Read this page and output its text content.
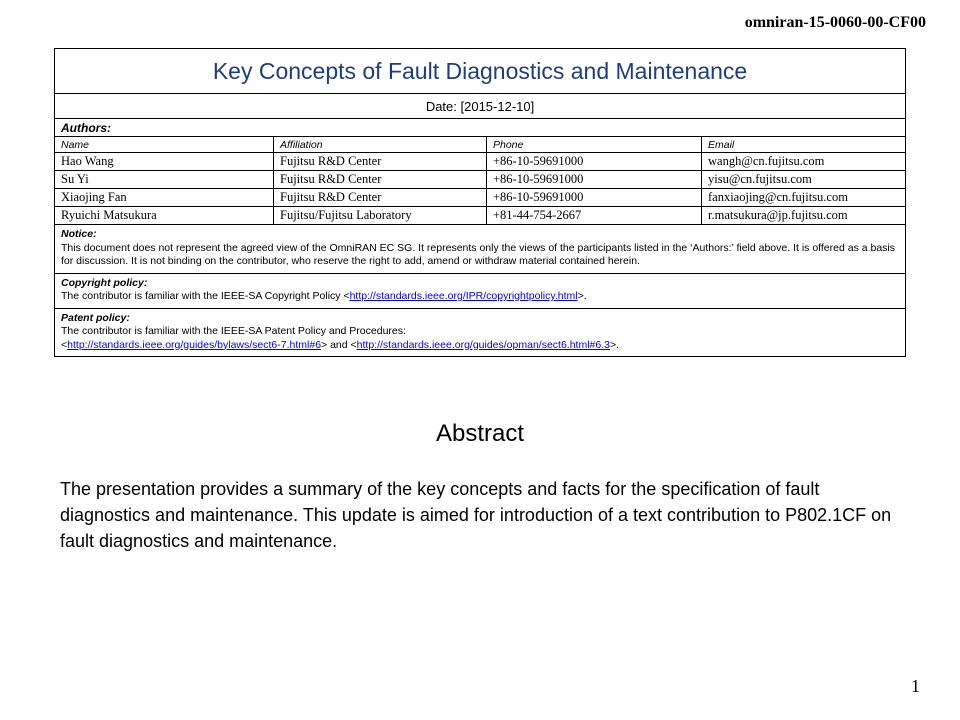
omniran-15-0060-00-CF00
Key Concepts of Fault Diagnostics and Maintenance			
Date: [2015-12-10]			
Authors:			
Name	Affiliation	Phone	Email
Hao Wang	Fujitsu R&D Center	+86-10-59691000	wangh@cn.fujitsu.com
Su Yi	Fujitsu R&D Center	+86-10-59691000	yisu@cn.fujitsu.com
Xiaojing Fan	Fujitsu R&D Center	+86-10-59691000	fanxiaojing@cn.fujitsu.com
Ryuichi Matsukura	Fujitsu/Fujitsu Laboratory	+81-44-754-2667	r.matsukura@jp.fujitsu.com

Notice:
This document does not represent the agreed view of the OmniRAN EC SG. It represents only the views of the participants listed in the ‘Authors:’ field above. It is offered as a basis for discussion. It is not binding on the contributor, who reserve the right to add, amend or withdraw material contained herein.			

Copyright policy:
The contributor is familiar with the IEEE-SA Copyright Policy <http://standards.ieee.org/IPR/copyrightpolicy.html>.			

Patent policy:
The contributor is familiar with the IEEE-SA Patent Policy and Procedures:
<http://standards.ieee.org/guides/bylaws/sect6-7.html#6> and <http://standards.ieee.org/guides/opman/sect6.html#6.3>.			
Abstract
The presentation provides a summary of the key concepts and facts for the specification of fault diagnostics and maintenance. This update is aimed for introduction of a text contribution to P802.1CF on fault diagnostics and maintenance.
1
